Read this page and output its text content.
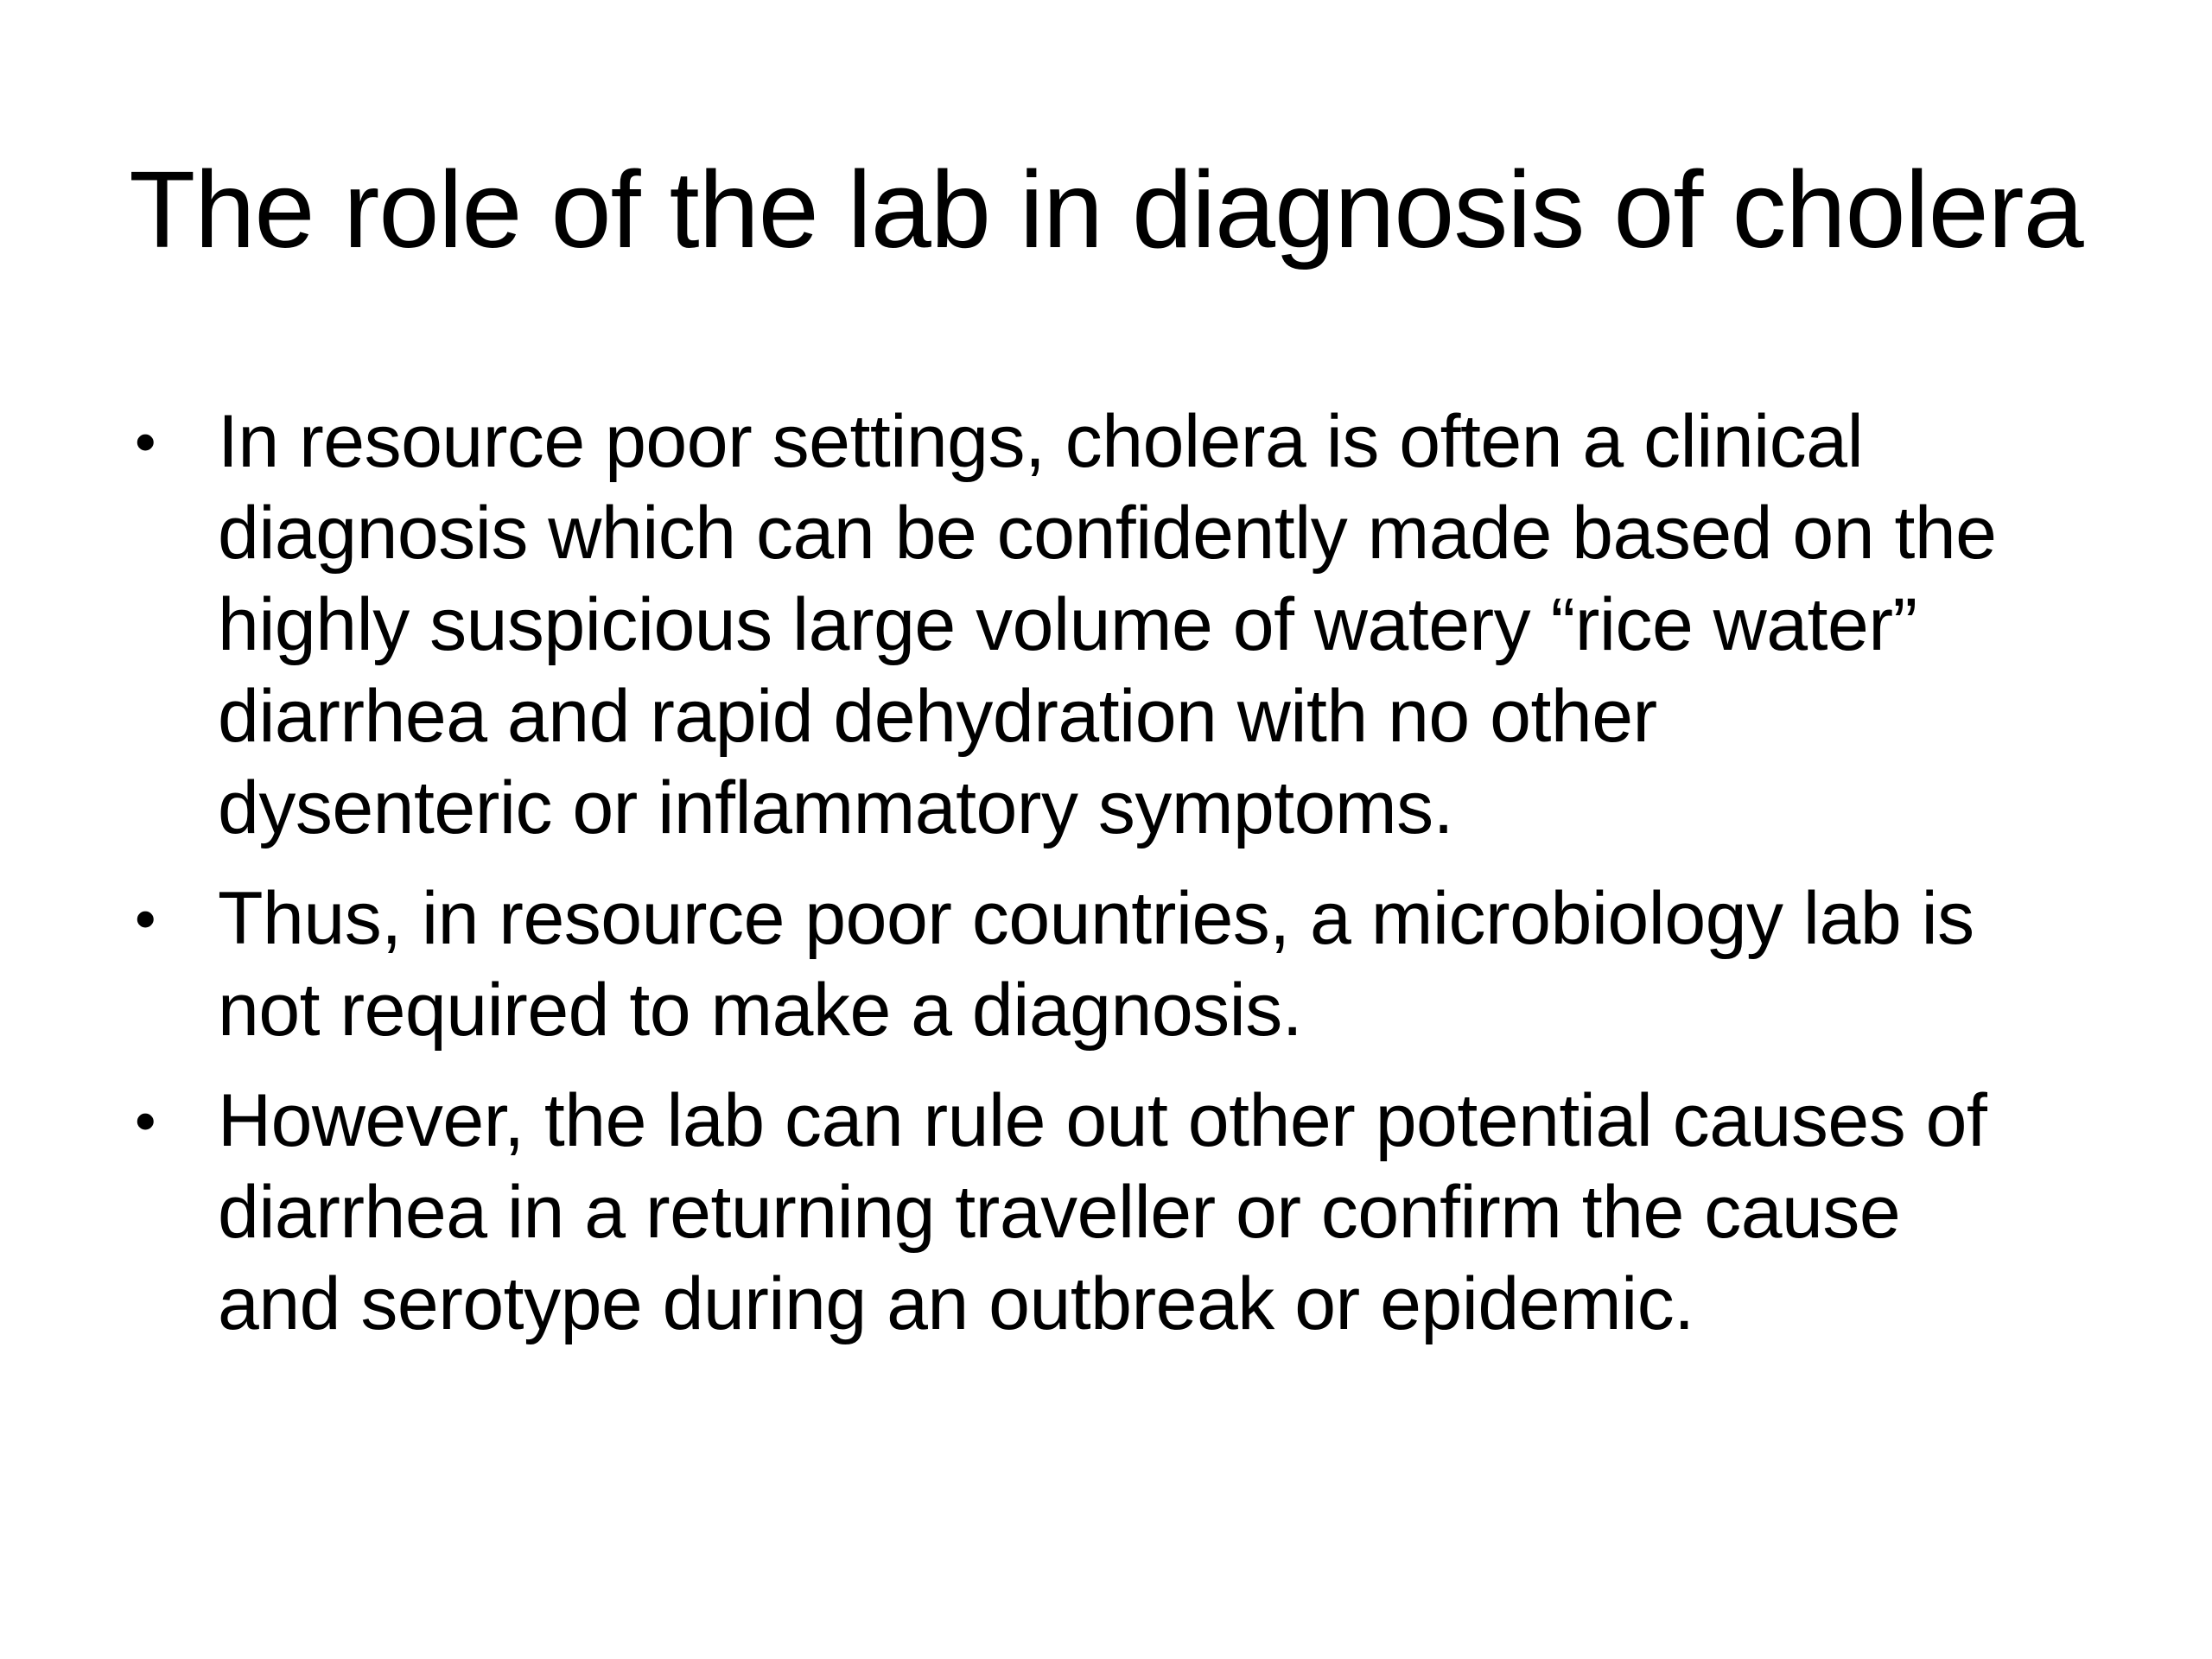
The role of the lab in diagnosis of cholera
• In resource poor settings, cholera is often a clinical
diagnosis which can be confidently made based on the
highly suspicious large volume of watery “rice water”
diarrhea and rapid dehydration with no other
dysenteric or inflammatory symptoms.
• Thus, in resource poor countries, a microbiology lab is
not required to make a diagnosis.
• However, the lab can rule out other potential causes of
diarrhea in a returning traveller or confirm the cause
and serotype during an outbreak or epidemic.
